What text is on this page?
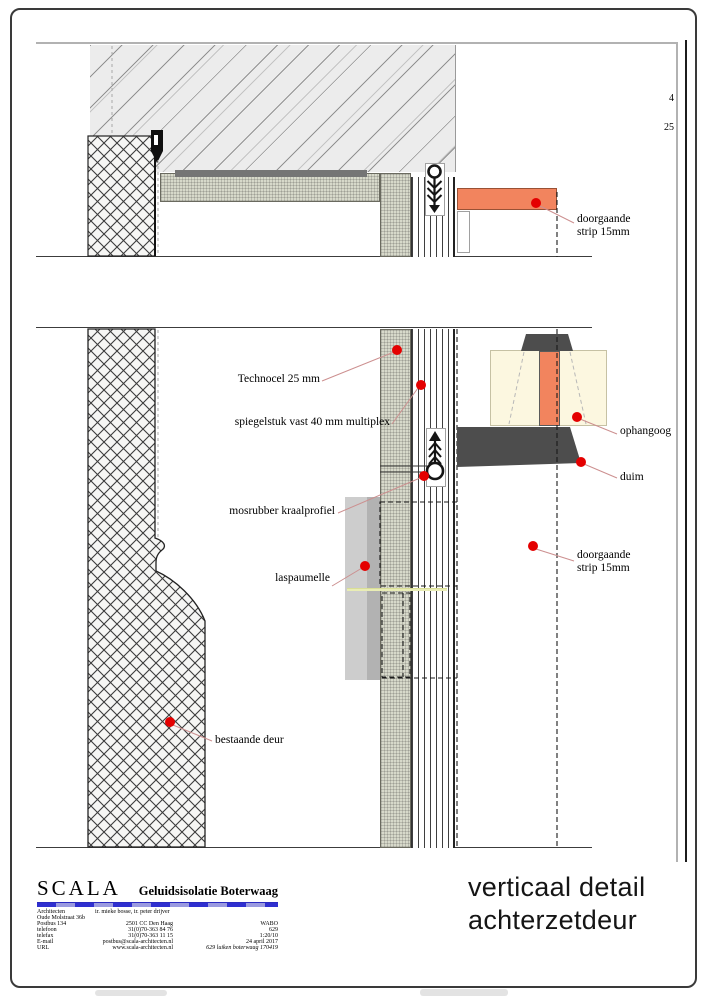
doorgaande
strip 15mm
Technocel 25 mm
spiegelstuk vast 40 mm multiplex
mosrubber kraalprofiel
laspaumelle
ophangoog
duim
doorgaande
strip 15mm
bestaande deur
4
25
SCALA	Geluidsisolatie Boterwaag
Architecten	ir. mieke bosse, ir. peter drijver
Oude Molstraat 36b
Postbus 134	2501 CC Den Haag	WABO
telefoon	31(0)70-363 84 76	629
telefax	31(0)70-363 11 15	1:20/10
E-mail	postbus@scala-architecten.nl	24 april 2017
URL	www.scala-architecten.nl	629 luiken boterwaag 170419
verticaal detail
achterzetdeur
